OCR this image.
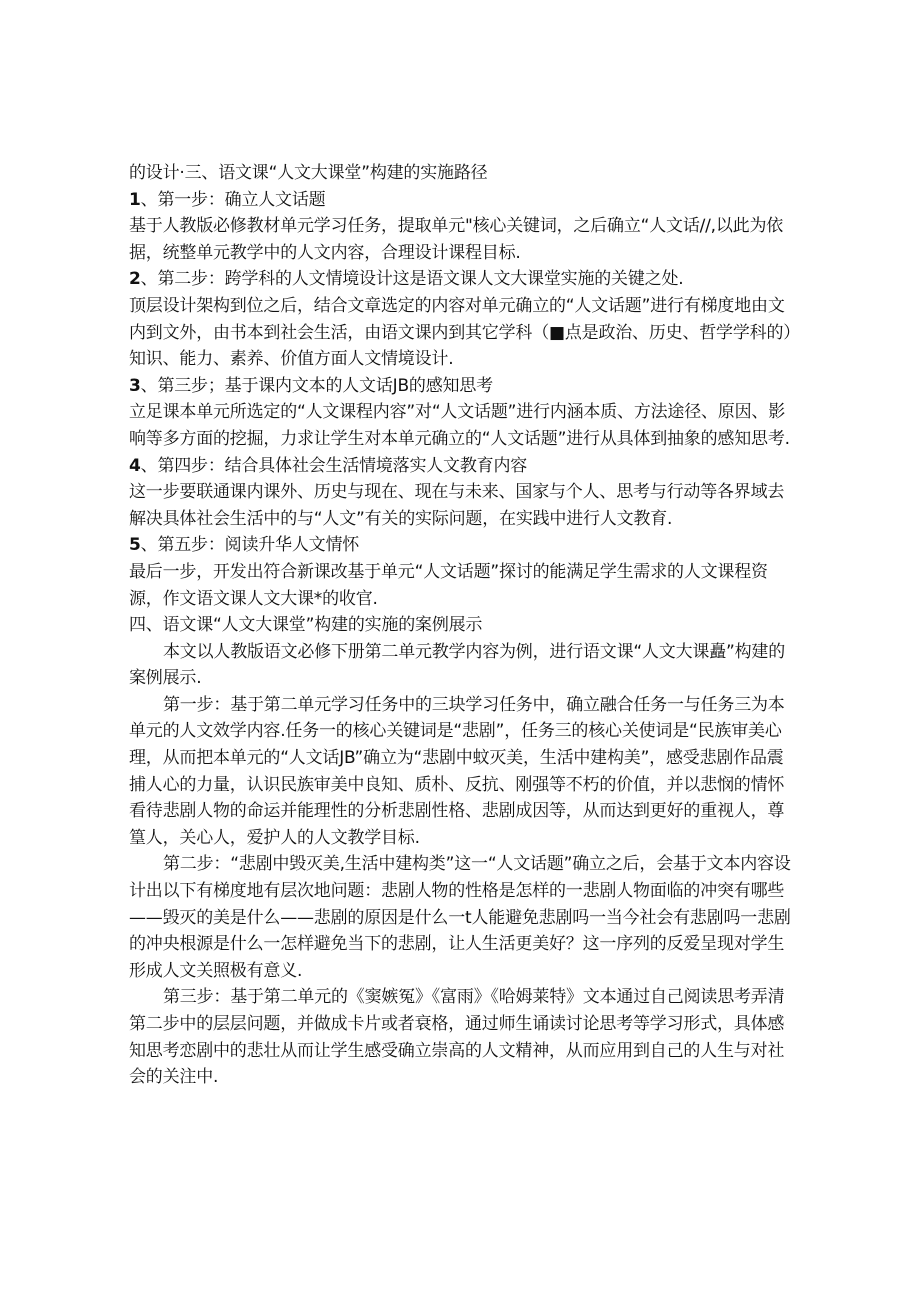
的设计·三、语文课“人文大课堂”构建的实施路径

1、第一步：确立人文话题

基于人教版必修教材单元学习任务，提取单元"核心关键词，之后确立“人文话∕∕,以此为依据，统整单元教学中的人文内容，合理设计课程目标.

2、第二步：跨学科的人文情境设计这是语文课人文大课堂实施的关键之处.

顶层设计架构到位之后，结合文章选定的内容对单元确立的“人文话题”进行有梯度地由文内到文外，由书本到社会生活，由语文课内到其它学科（■点是政治、历史、哲学学科的）知识、能力、素养、价值方面人文情境设计.

3、第三步；基于课内文本的人文话JB的感知思考

立足课本单元所选定的“人文课程内容”对“人文话题”进行内涵本质、方法途径、原因、影响等多方面的挖掘，力求让学生对本单元确立的“人文话题”进行从具体到抽象的感知思考.

4、第四步：结合具体社会生活情境落实人文教育内容

这一步要联通课内课外、历史与现在、现在与未来、国家与个人、思考与行动等各界域去解决具体社会生活中的与“人文”有关的实际问题，在实践中进行人文教育.

5、第五步：阅读升华人文情怀

最后一步，开发出符合新课改基于单元“人文话题”探讨的能满足学生需求的人文课程资源，作文语文课人文大课*的收官.

四、语文课“人文大课堂”构建的实施的案例展示

本文以人教版语文必修下册第二单元教学内容为例，进行语文课“人文大课矗”构建的案例展示.

第一步：基于第二单元学习任务中的三块学习任务中，确立融合任务一与任务三为本单元的人文效学内容.任务一的核心关键词是“悲剧”，任务三的核心关使词是“民族审美心理，从而把本单元的“人文话JB”确立为“悲剧中蚊灭美，生活中建构美”，感受悲剧作品震捕人心的力量，认识民族审美中良知、质朴、反抗、刚强等不朽的价值，并以悲悯的情怀看待悲剧人物的命运并能理性的分析悲剧性格、悲剧成因等，从而达到更好的重视人，尊篁人，关心人，爱护人的人文教学目标.

第二步：“悲剧中毁灭美,生活中建构类”这一“人文话题”确立之后，会基于文本内容设计出以下有梯度地有层次地问题：悲剧人物的性格是怎样的一悲剧人物面临的冲突有哪些——毁灭的美是什么——悲剧的原因是什么一t人能避免悲剧吗一当今社会有悲剧吗一悲剧的冲央根源是什么一怎样避免当下的悲剧，让人生活更美好？这一序列的反爱呈现对学生形成人文关照极有意义.

第三步：基于第二单元的《窦嫉冤》《富雨》《哈姆莱特》文本通过自己阅读思考弄清第二步中的层层问题，并做成卡片或者衰格，通过师生诵读讨论思考等学习形式，具体感知思考恋剧中的悲壮从而让学生感受确立崇高的人文精神，从而应用到自己的人生与对社会的关注中.
